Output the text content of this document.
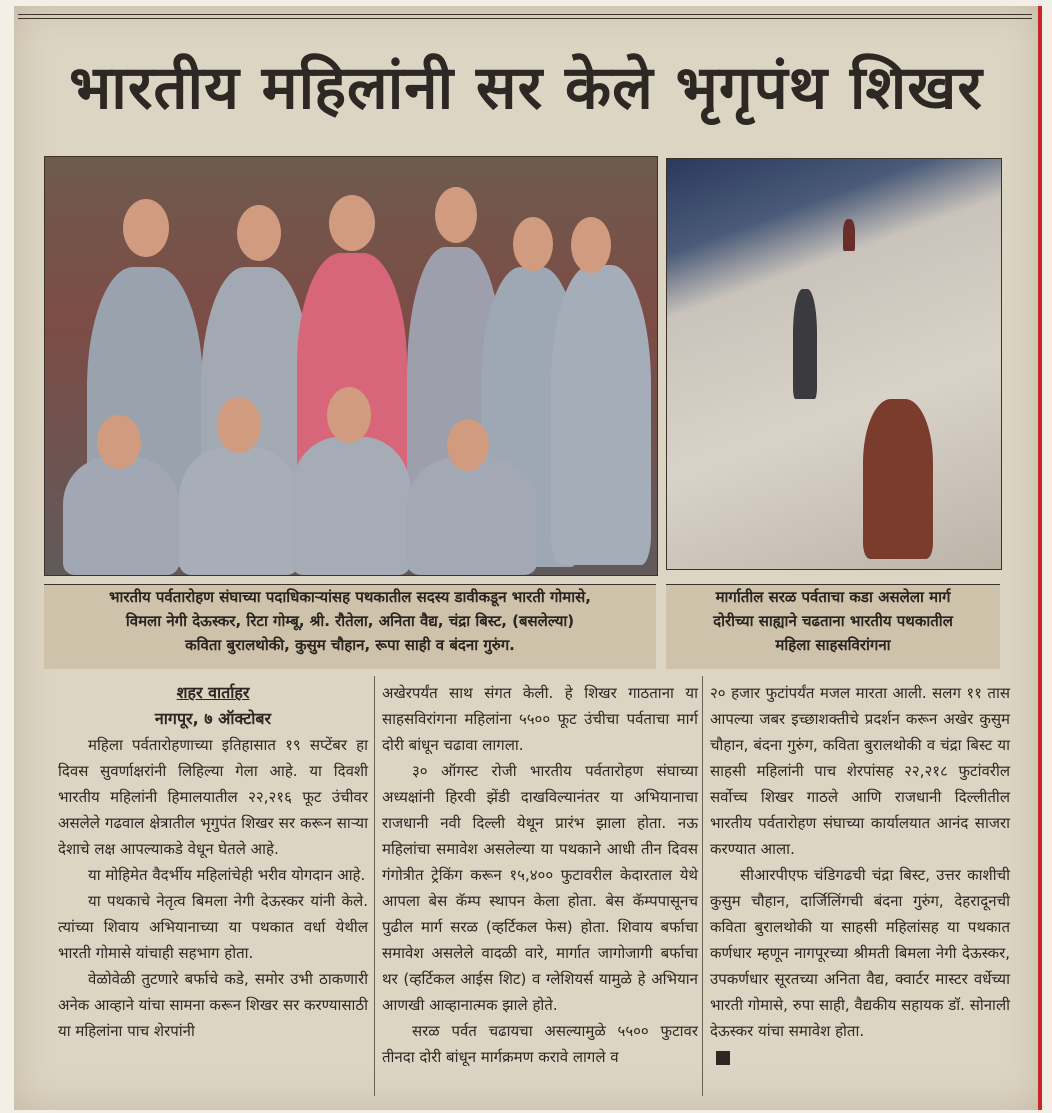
भारतीय महिलांनी सर केले भृगृपंथ शिखर
भारतीय पर्वतारोहण संघाच्या पदाधिकाऱ्यांसह पथकातील सदस्य डावीकडून भारती गोमासे,
विमला नेगी देऊस्कर, रिटा गोम्बू, श्री. रौतेला, अनिता वैद्य, चंद्रा बिस्ट, (बसलेल्या)
कविता बुरालथोकी, कुसुम चौहान, रूपा साही व बंदना गुरुंग.
मार्गातील सरळ पर्वताचा कडा असलेला मार्ग
दोरीच्या साह्याने चढताना भारतीय पथकातील
महिला साहसविरांगना
शहर वार्ताहर
नागपूर, ७ ऑक्टोबर

महिला पर्वतारोहणाच्या इतिहासात १९ सप्टेंबर हा दिवस सुवर्णाक्षरांनी लिहिल्या गेला आहे. या दिवशी भारतीय महिलांनी हिमालयातील २२,२१६ फूट उंचीवर असलेले गढवाल क्षेत्रातील भृगुपंत शिखर सर करून साऱ्या देशाचे लक्ष आपल्याकडे वेधून घेतले आहे.

या मोहिमेत वैदर्भीय महिलांचेही भरीव योगदान आहे.

या पथकाचे नेतृत्व बिमला नेगी देऊस्कर यांनी केले. त्यांच्या शिवाय अभियानाच्या या पथकात वर्धा येथील भारती गोमासे यांचाही सहभाग होता.

वेळोवेळी तुटणारे बर्फाचे कडे, समोर उभी ठाकणारी अनेक आव्हाने यांचा सामना करून शिखर सर करण्यासाठी या महिलांना पाच शेरपांनी

अखेरपर्यंत साथ संगत केली. हे शिखर गाठताना या साहसविरांगना महिलांना ५५०० फूट उंचीचा पर्वताचा मार्ग दोरी बांधून चढावा लागला.

३० ऑगस्ट रोजी भारतीय पर्वतारोहण संघाच्या अध्यक्षांनी हिरवी झेंडी दाखविल्यानंतर या अभियानाचा राजधानी नवी दिल्ली येथून प्रारंभ झाला होता. नऊ महिलांचा समावेश असलेल्या या पथकाने आधी तीन दिवस गंगोत्रीत ट्रेकिंग करून १५,४०० फुटावरील केदारताल येथे आपला बेस कॅम्प स्थापन केला होता. बेस कॅम्पपासूनच पुढील मार्ग सरळ (व्हर्टिकल फेस) होता. शिवाय बर्फाचा समावेश असलेले वादळी वारे, मार्गात जागोजागी बर्फाचा थर (व्हर्टिकल आईस शिट) व ग्लेशियर्स यामुळे हे अभियान आणखी आव्हानात्मक झाले होते.

सरळ पर्वत चढायचा असल्यामुळे ५५०० फुटावर तीनदा दोरी बांधून मार्गक्रमण करावे लागले व

२० हजार फुटांपर्यंत मजल मारता आली. सलग ११ तास आपल्या जबर इच्छाशक्तीचे प्रदर्शन करून अखेर कुसुम चौहान, बंदना गुरुंग, कविता बुरालथोकी व चंद्रा बिस्ट या साहसी महिलांनी पाच शेरपांसह २२,२१८ फुटांवरील सर्वोच्च शिखर गाठले आणि राजधानी दिल्लीतील भारतीय पर्वतारोहण संघाच्या कार्यालयात आनंद साजरा करण्यात आला.

सीआरपीएफ चंडिगढची चंद्रा बिस्ट, उत्तर काशीची कुसुम चौहान, दार्जिलिंगची बंदना गुरुंग, देहरादूनची कविता बुरालथोकी या साहसी महिलांसह या पथकात कर्णधार म्हणून नागपूरच्या श्रीमती बिमला नेगी देऊस्कर, उपकर्णधार सूरतच्या अनिता वैद्य, क्वार्टर मास्टर वर्धेच्या भारती गोमासे, रुपा साही, वैद्यकीय सहायक डॉ. सोनाली देऊस्कर यांचा समावेश होता.
